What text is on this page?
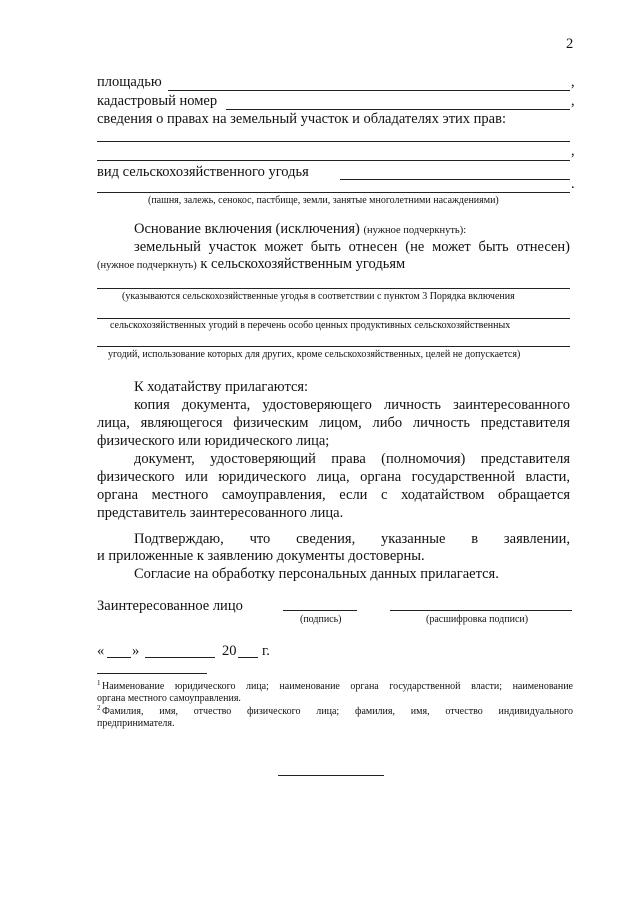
2
площадью	,
кадастровый номер	,
сведения о правах на земельный участок и обладателях этих прав:
,
вид сельскохозяйственного угодья
.
(пашня, залежь, сенокос, пастбище, земли, занятые многолетними насаждениями)
Основание включения (исключения) (нужное подчеркнуть):
земельный участок может быть отнесен (не может быть отнесен)
(нужное подчеркнуть) к сельскохозяйственным угодьям
(указываются сельскохозяйственные угодья в соответствии с пунктом 3 Порядка включения
сельскохозяйственных угодий в перечень особо ценных продуктивных сельскохозяйственных
угодий, использование которых для других, кроме сельскохозяйственных, целей не допускается)
К ходатайству прилагаются:
копия документа, удостоверяющего личность заинтересованного
лица, являющегося физическим лицом, либо личность представителя
физического или юридического лица;
документ, удостоверяющий права (полномочия) представителя
физического или юридического лица, органа государственной власти,
органа местного самоуправления, если с ходатайством обращается
представитель заинтересованного лица.
Подтверждаю, что сведения, указанные в заявлении,
и приложенные к заявлению документы достоверны.
Согласие на обработку персональных данных прилагается.
Заинтересованное лицо
(подпись)	(расшифровка подписи)
« »	20 г.
$^1$ Наименование юридического лица; наименование органа государственной власти; наименование
органа местного самоуправления.
$^2$ Фамилия, имя, отчество физического лица; фамилия, имя, отчество индивидуального
предпринимателя.
